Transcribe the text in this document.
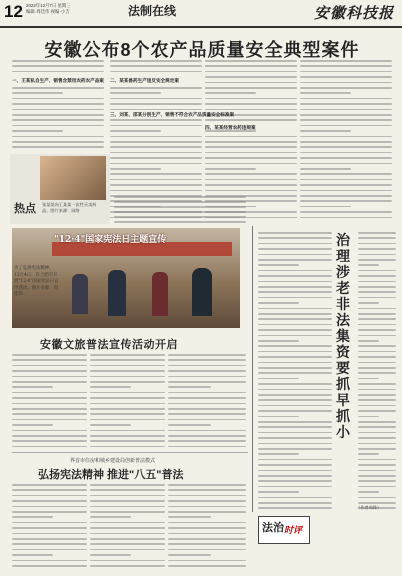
12 2022年12月7日 星期三
编辑·周佳伟 视编·小吉	法制在线	安徽科技报
安徽公布8个农产品质量安全典型案件
一、王某私自生产、销售含禁用农药农产品案 二、某某兽药生产违反安全规定案
三、刘某、邵某分别生产、销售不符合农产品质量安全标准案
四、某某经营农药违规案
热点 张某某向王某某一次性买卖药品。图片来源：网络
"12·4"国家宪法日主题宣传
为了弘扬宪法精神，12月4日，在合肥市开展"12·4"国家宪法日宣传活动。图片来源：周佳伟
安徽文旅普法宣传活动开启
界首市住房和城乡建设局创新普法模式
弘扬宪法精神 推进"八五"普法
治理涉老非法集资要抓早抓小
法治 时评
（作者周锋）
